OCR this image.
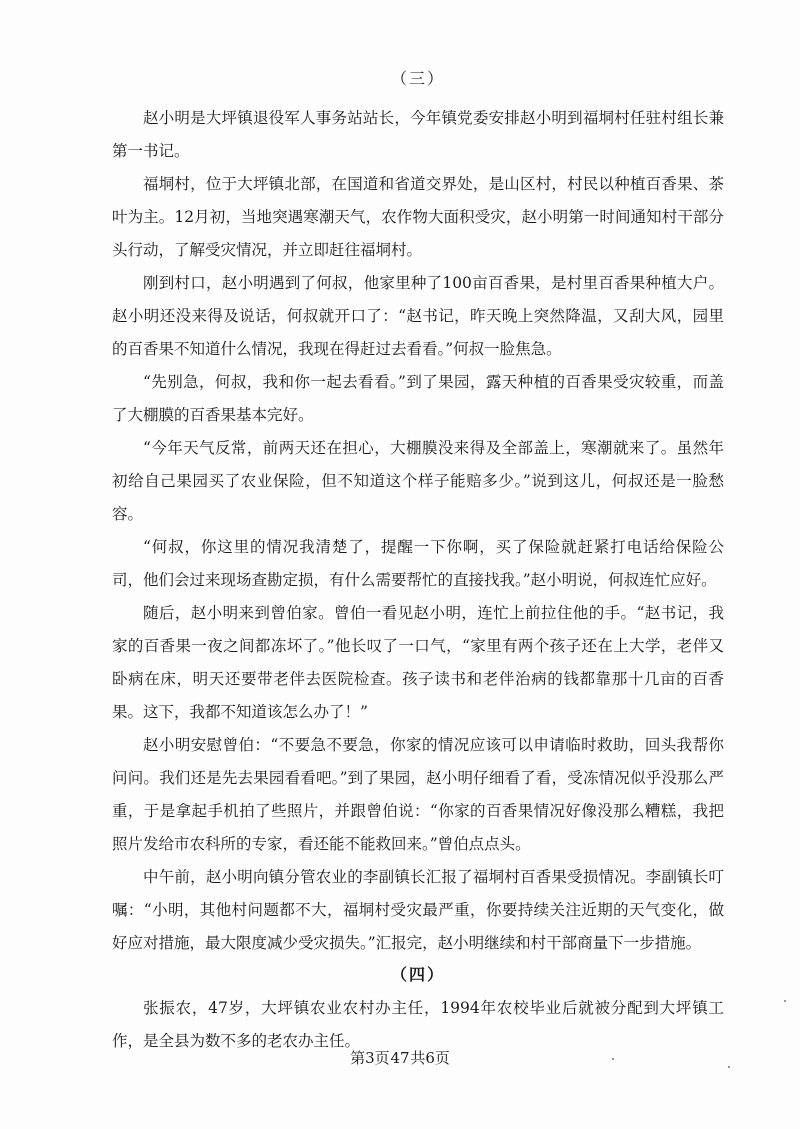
（三）

赵小明是大坪镇退役军人事务站站长，今年镇党委安排赵小明到福垌村任驻村组长兼第一书记。

福垌村，位于大坪镇北部，在国道和省道交界处，是山区村，村民以种植百香果、茶叶为主。12月初，当地突遇寒潮天气，农作物大面积受灾，赵小明第一时间通知村干部分头行动，了解受灾情况，并立即赶往福垌村。

刚到村口，赵小明遇到了何叔，他家里种了100亩百香果，是村里百香果种植大户。赵小明还没来得及说话，何叔就开口了：“赵书记，昨天晚上突然降温，又刮大风，园里的百香果不知道什么情况，我现在得赶过去看看。”何叔一脸焦急。

“先别急，何叔，我和你一起去看看。”到了果园，露天种植的百香果受灾较重，而盖了大棚膜的百香果基本完好。

“今年天气反常，前两天还在担心，大棚膜没来得及全部盖上，寒潮就来了。虽然年初给自己果园买了农业保险，但不知道这个样子能赔多少。”说到这儿，何叔还是一脸愁容。

“何叔，你这里的情况我清楚了，提醒一下你啊，买了保险就赶紧打电话给保险公司，他们会过来现场查勘定损，有什么需要帮忙的直接找我。”赵小明说，何叔连忙应好。

随后，赵小明来到曾伯家。曾伯一看见赵小明，连忙上前拉住他的手。“赵书记，我家的百香果一夜之间都冻坏了。”他长叹了一口气，“家里有两个孩子还在上大学，老伴又卧病在床，明天还要带老伴去医院检查。孩子读书和老伴治病的钱都靠那十几亩的百香果。这下，我都不知道该怎么办了！”

赵小明安慰曾伯：“不要急不要急，你家的情况应该可以申请临时救助，回头我帮你问问。我们还是先去果园看看吧。”到了果园，赵小明仔细看了看，受冻情况似乎没那么严重，于是拿起手机拍了些照片，并跟曾伯说：“你家的百香果情况好像没那么糟糕，我把照片发给市农科所的专家，看还能不能救回来。”曾伯点点头。

中午前，赵小明向镇分管农业的李副镇长汇报了福垌村百香果受损情况。李副镇长叮嘱：“小明，其他村问题都不大，福垌村受灾最严重，你要持续关注近期的天气变化，做好应对措施，最大限度减少受灾损失。”汇报完，赵小明继续和村干部商量下一步措施。

（四）

张振农，47岁，大坪镇农业农村办主任，1994年农校毕业后就被分配到大坪镇工作，是全县为数不多的老农办主任。

第3页 47 共6页
